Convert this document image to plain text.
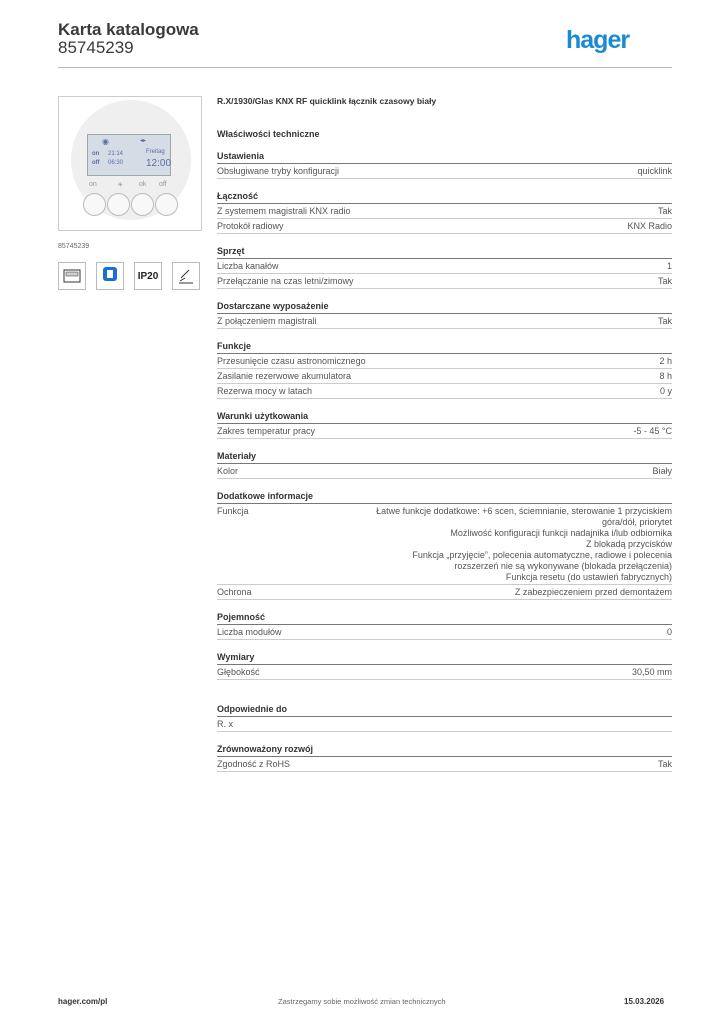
Karta katalogowa
85745239	hager
◉	◂▸
on
off
21:14
06:30
Freitag
12:00
on	☀ ok off
85745239
IP20
R.X/1930/Glas KNX RF quicklink łącznik czasowy biały
Właściwości techniczne
Ustawienia
Obsługiwane tryby konfiguracji	quicklink
Łączność
Z systemem magistrali KNX radio	Tak
Protokół radiowy	KNX Radio
Sprzęt
Liczba kanałów	1
Przełączanie na czas letni/zimowy	Tak
Dostarczane wyposażenie
Z połączeniem magistrali	Tak
Funkcje
Przesunięcie czasu astronomicznego	2 h
Zasilanie rezerwowe akumulatora	8 h
Rezerwa mocy w latach	0 y
Warunki użytkowania
Zakres temperatur pracy	-5 - 45 °C
Materiały
Kolor	Biały
Dodatkowe informacje
Funkcja	Łatwe funkcje dodatkowe: +6 scen, ściemnianie, sterowanie 1 przyciskiem góra/dół, priorytet
Możliwość konfiguracji funkcji nadajnika i/lub odbiornika
Z blokadą przycisków
Funkcja „przyjęcie”, polecenia automatyczne, radiowe i polecenia rozszerzeń nie są wykonywane (blokada przełączenia)
Funkcja resetu (do ustawień fabrycznych)
Ochrona	Z zabezpieczeniem przed demontażem
Pojemność
Liczba modułów	0
Wymiary
Głębokość	30,50 mm
Odpowiednie do
R. x
Zrównoważony rozwój
Zgodność z RoHS	Tak
hager.com/pl	Zastrzegamy sobie możliwość zmian technicznych	15.03.2026
